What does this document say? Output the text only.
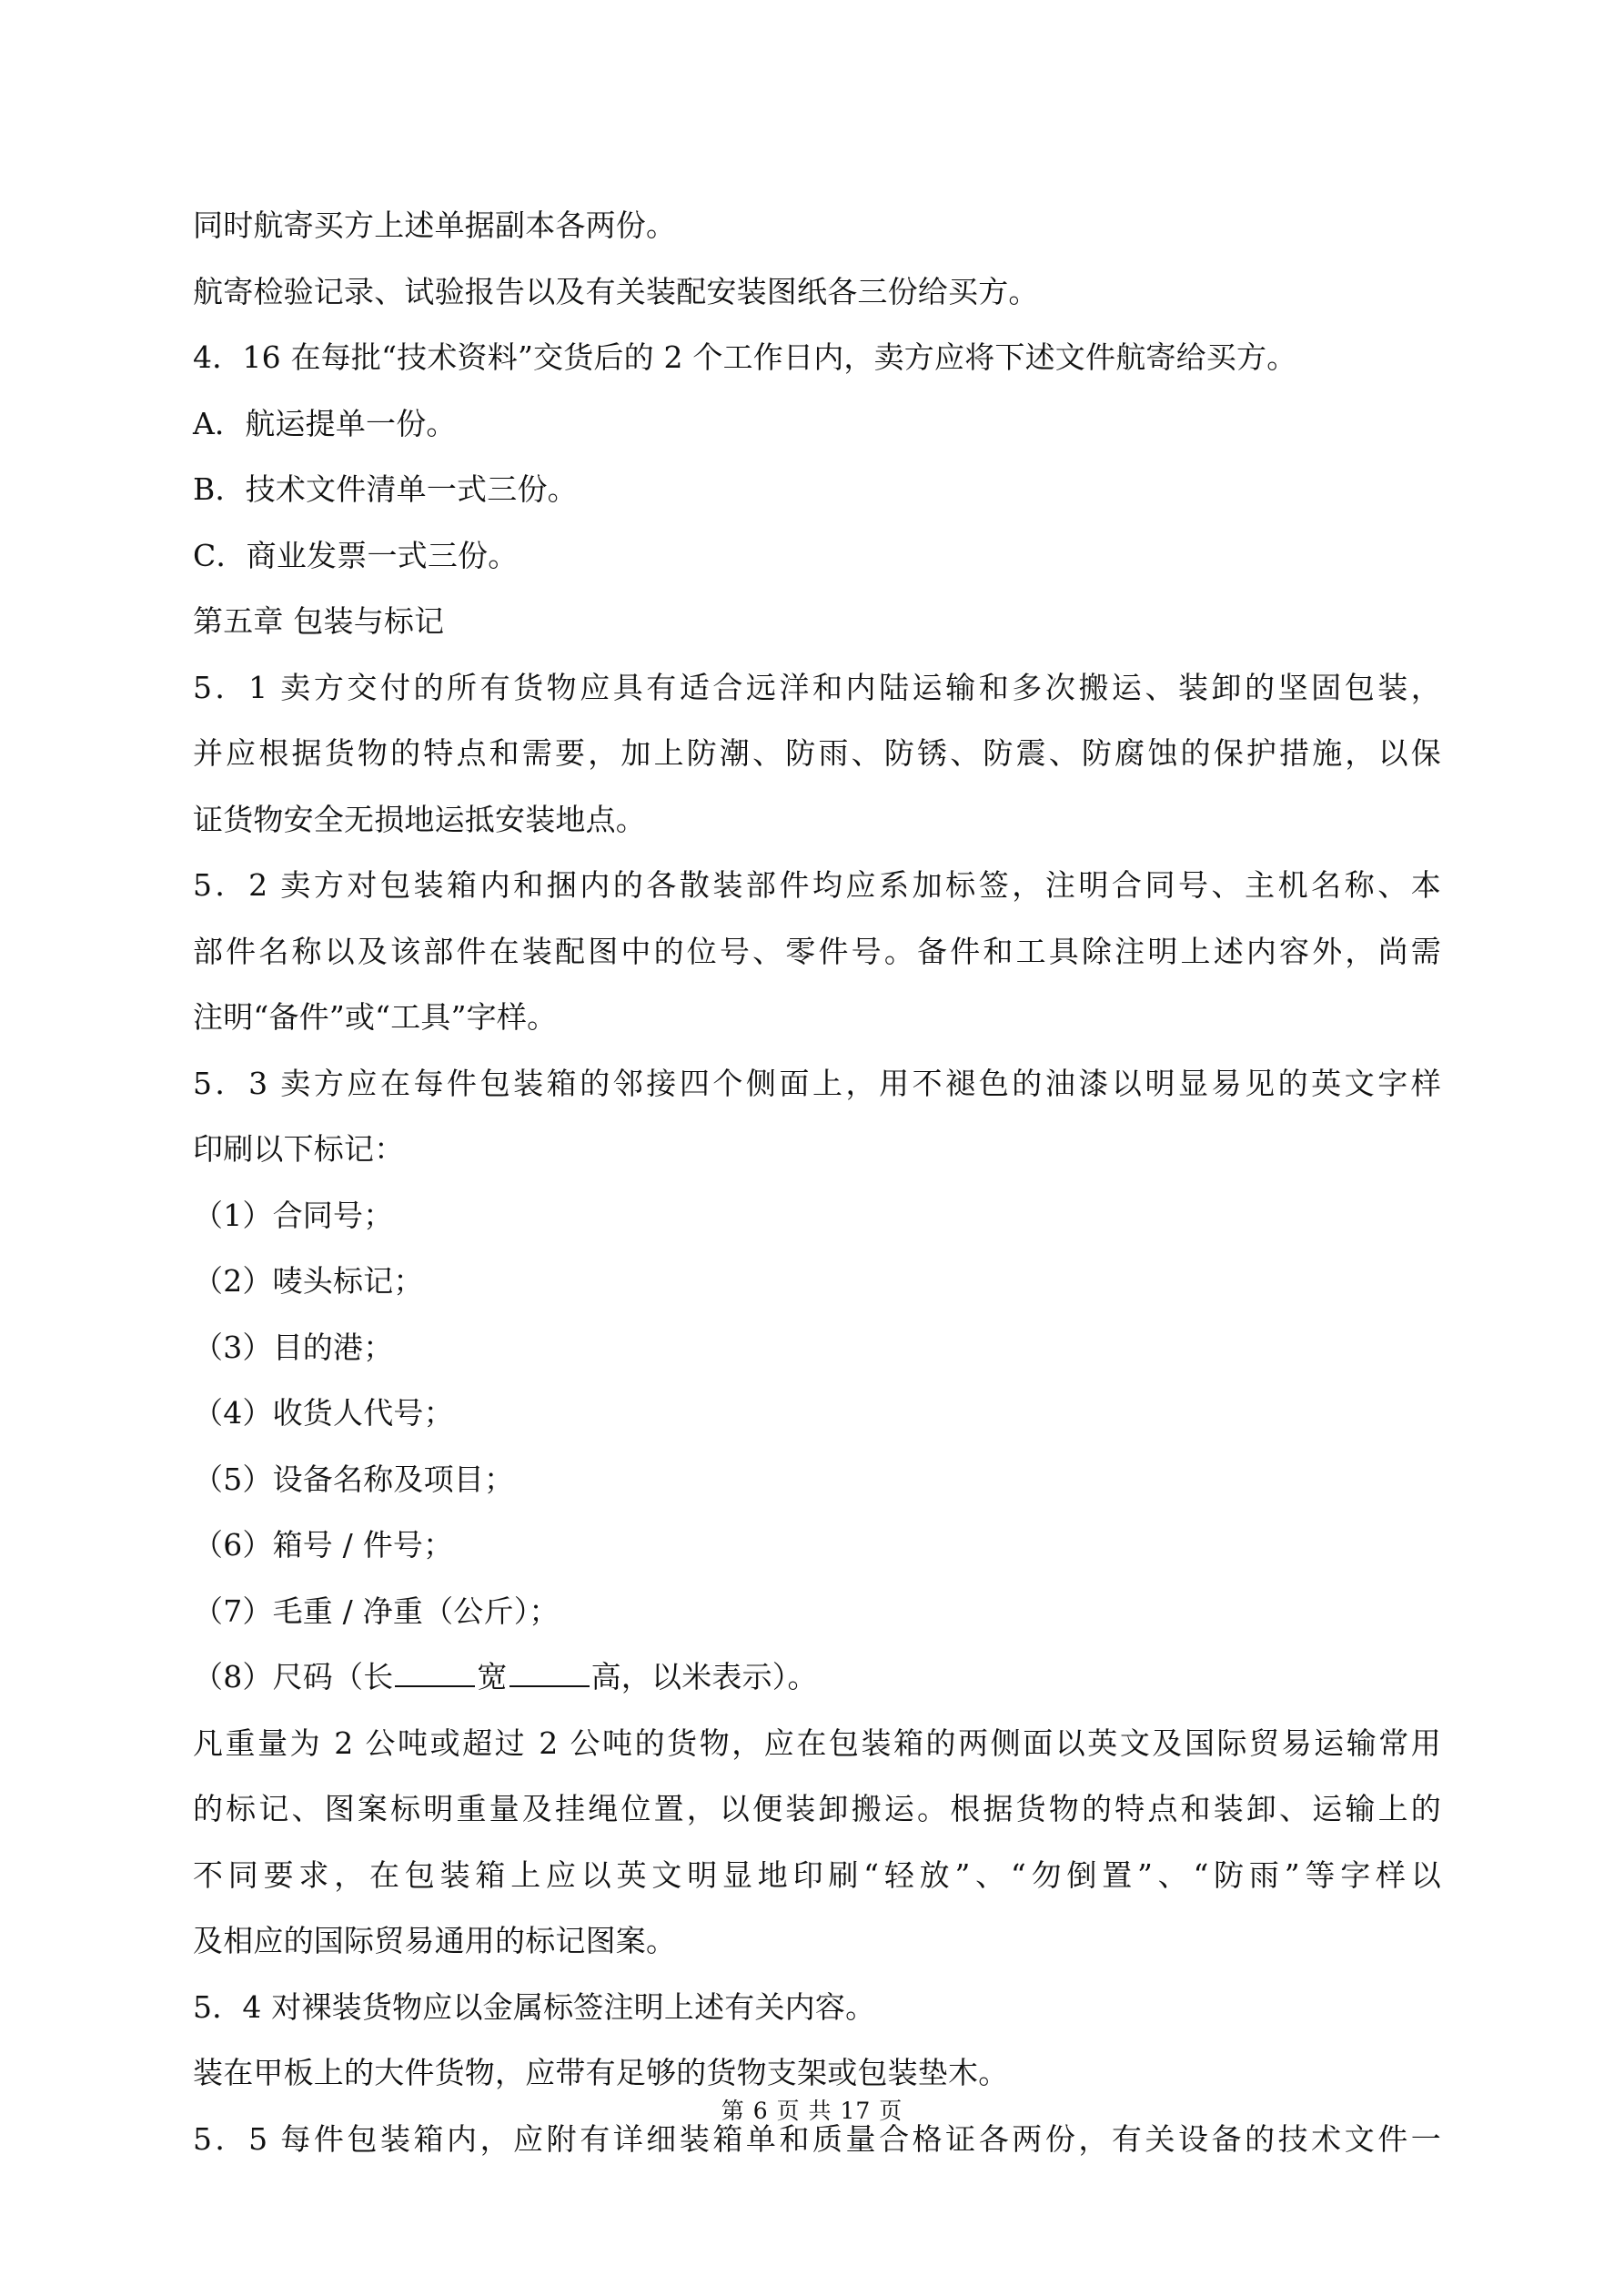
同时航寄买方上述单据副本各两份。
航寄检验记录、试验报告以及有关装配安装图纸各三份给买方。
4．16 在每批“技术资料”交货后的 2 个工作日内，卖方应将下述文件航寄给买方。
A．航运提单一份。
B．技术文件清单一式三份。
C．商业发票一式三份。
第五章 包装与标记
5．1 卖方交付的所有货物应具有适合远洋和内陆运输和多次搬运、装卸的坚固包装，
并应根据货物的特点和需要，加上防潮、防雨、防锈、防震、防腐蚀的保护措施，以保
证货物安全无损地运抵安装地点。
5．2 卖方对包装箱内和捆内的各散装部件均应系加标签，注明合同号、主机名称、本
部件名称以及该部件在装配图中的位号、零件号。备件和工具除注明上述内容外，尚需
注明“备件”或“工具”字样。
5．3 卖方应在每件包装箱的邻接四个侧面上，用不褪色的油漆以明显易见的英文字样
印刷以下标记：
（1）合同号；
（2）唛头标记；
（3）目的港；
（4）收货人代号；
（5）设备名称及项目；
（6）箱号 / 件号；
（7）毛重 / 净重（公斤）；
（8）尺码（长	宽	高，以米表示）。
凡重量为 2 公吨或超过 2 公吨的货物，应在包装箱的两侧面以英文及国际贸易运输常用
的标记、图案标明重量及挂绳位置，以便装卸搬运。根据货物的特点和装卸、运输上的
不同要求，在包装箱上应以英文明显地印刷“轻放”、“勿倒置”、“防雨”等字样以
及相应的国际贸易通用的标记图案。
5．4 对裸装货物应以金属标签注明上述有关内容。
装在甲板上的大件货物，应带有足够的货物支架或包装垫木。
5．5 每件包装箱内，应附有详细装箱单和质量合格证各两份，有关设备的技术文件一
第 6 页 共 17 页
